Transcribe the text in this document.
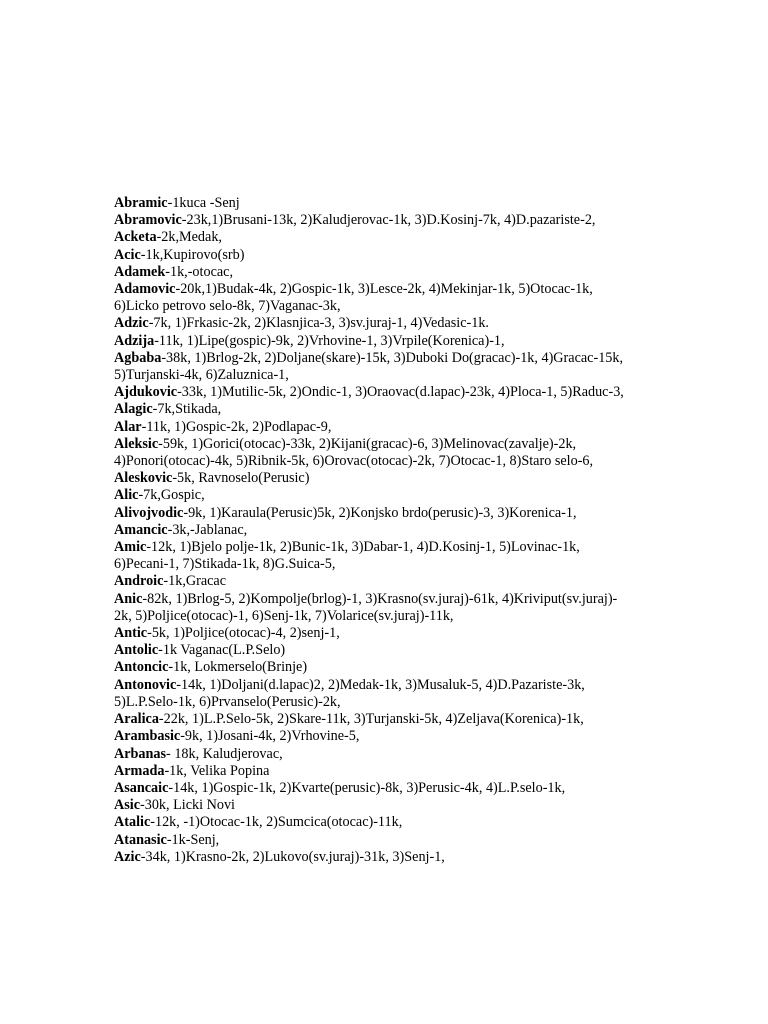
Abramic-1kuca -Senj
Abramovic-23k,1)Brusani-13k, 2)Kaludjerovac-1k, 3)D.Kosinj-7k, 4)D.pazariste-2,
Acketa-2k,Medak,
Acic-1k,Kupirovo(srb)
Adamek-1k,-otocac,
Adamovic-20k,1)Budak-4k, 2)Gospic-1k, 3)Lesce-2k, 4)Mekinjar-1k, 5)Otocac-1k,
6)Licko petrovo selo-8k, 7)Vaganac-3k,
Adzic-7k, 1)Frkasic-2k, 2)Klasnjica-3, 3)sv.juraj-1, 4)Vedasic-1k.
Adzija-11k, 1)Lipe(gospic)-9k, 2)Vrhovine-1, 3)Vrpile(Korenica)-1,
Agbaba-38k, 1)Brlog-2k, 2)Doljane(skare)-15k, 3)Duboki Do(gracac)-1k, 4)Gracac-15k,
5)Turjanski-4k, 6)Zaluznica-1,
Ajdukovic-33k, 1)Mutilic-5k, 2)Ondic-1, 3)Oraovac(d.lapac)-23k, 4)Ploca-1, 5)Raduc-3,
Alagic-7k,Stikada,
Alar-11k, 1)Gospic-2k, 2)Podlapac-9,
Aleksic-59k, 1)Gorici(otocac)-33k, 2)Kijani(gracac)-6, 3)Melinovac(zavalje)-2k,
4)Ponori(otocac)-4k, 5)Ribnik-5k, 6)Orovac(otocac)-2k, 7)Otocac-1, 8)Staro selo-6,
Aleskovic-5k, Ravnoselo(Perusic)
Alic-7k,Gospic,
Alivojvodic-9k, 1)Karaula(Perusic)5k, 2)Konjsko brdo(perusic)-3, 3)Korenica-1,
Amancic-3k,-Jablanac,
Amic-12k, 1)Bjelo polje-1k, 2)Bunic-1k, 3)Dabar-1, 4)D.Kosinj-1, 5)Lovinac-1k,
6)Pecani-1, 7)Stikada-1k, 8)G.Suica-5,
Androic-1k,Gracac
Anic-82k, 1)Brlog-5, 2)Kompolje(brlog)-1, 3)Krasno(sv.juraj)-61k, 4)Kriviput(sv.juraj)-
2k, 5)Poljice(otocac)-1, 6)Senj-1k, 7)Volarice(sv.juraj)-11k,
Antic-5k, 1)Poljice(otocac)-4, 2)senj-1,
Antolic-1k Vaganac(L.P.Selo)
Antoncic-1k, Lokmerselo(Brinje)
Antonovic-14k, 1)Doljani(d.lapac)2, 2)Medak-1k, 3)Musaluk-5, 4)D.Pazariste-3k,
5)L.P.Selo-1k, 6)Prvanselo(Perusic)-2k,
Aralica-22k, 1)L.P.Selo-5k, 2)Skare-11k, 3)Turjanski-5k, 4)Zeljava(Korenica)-1k,
Arambasic-9k, 1)Josani-4k, 2)Vrhovine-5,
Arbanas- 18k, Kaludjerovac,
Armada-1k, Velika Popina
Asancaic-14k, 1)Gospic-1k, 2)Kvarte(perusic)-8k, 3)Perusic-4k, 4)L.P.selo-1k,
Asic-30k, Licki Novi
Atalic-12k, -1)Otocac-1k, 2)Sumcica(otocac)-11k,
Atanasic-1k-Senj,
Azic-34k, 1)Krasno-2k, 2)Lukovo(sv.juraj)-31k, 3)Senj-1,
